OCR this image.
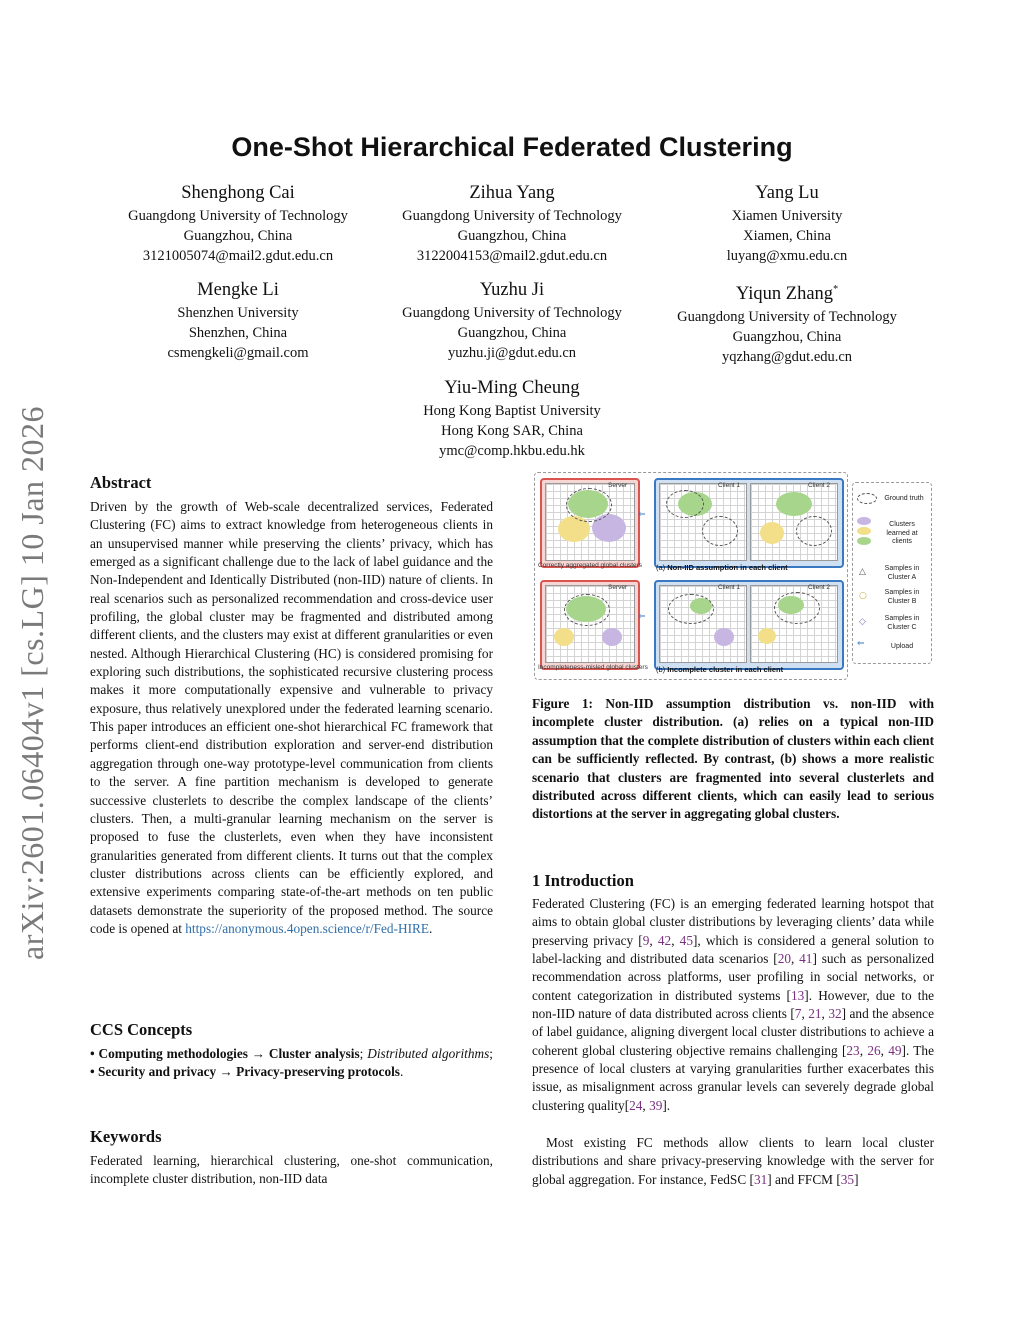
arXiv:2601.06404v1 [cs.LG] 10 Jan 2026
One-Shot Hierarchical Federated Clustering
Shenghong Cai
Guangdong University of Technology
Guangzhou, China
3121005074@mail2.gdut.edu.cn
Zihua Yang
Guangdong University of Technology
Guangzhou, China
3122004153@mail2.gdut.edu.cn
Yang Lu
Xiamen University
Xiamen, China
luyang@xmu.edu.cn
Mengke Li
Shenzhen University
Shenzhen, China
csmengkeli@gmail.com
Yuzhu Ji
Guangdong University of Technology
Guangzhou, China
yuzhu.ji@gdut.edu.cn
Yiqun Zhang*
Guangdong University of Technology
Guangzhou, China
yqzhang@gdut.edu.cn
Yiu-Ming Cheung
Hong Kong Baptist University
Hong Kong SAR, China
ymc@comp.hkbu.edu.hk
Abstract
Driven by the growth of Web-scale decentralized services, Federated Clustering (FC) aims to extract knowledge from heterogeneous clients in an unsupervised manner while preserving the clients’ privacy, which has emerged as a significant challenge due to the lack of label guidance and the Non-Independent and Identically Distributed (non-IID) nature of clients. In real scenarios such as personalized recommendation and cross-device user profiling, the global cluster may be fragmented and distributed among different clients, and the clusters may exist at different granularities or even nested. Although Hierarchical Clustering (HC) is considered promising for exploring such distributions, the sophisticated recursive clustering process makes it more computationally expensive and vulnerable to privacy exposure, thus relatively unexplored under the federated learning scenario. This paper introduces an efficient one-shot hierarchical FC framework that performs client-end distribution exploration and server-end distribution aggregation through one-way prototype-level communication from clients to the server. A fine partition mechanism is developed to generate successive clusterlets to describe the complex landscape of the clients’ clusters. Then, a multi-granular learning mechanism on the server is proposed to fuse the clusterlets, even when they have inconsistent granularities generated from different clients. It turns out that the complex cluster distributions across clients can be efficiently explored, and extensive experiments comparing state-of-the-art methods on ten public datasets demonstrate the superiority of the proposed method. The source code is opened at https://anonymous.4open.science/r/Fed-HIRE.
CCS Concepts
• Computing methodologies → Cluster analysis; Distributed algorithms; • Security and privacy → Privacy-preserving protocols.
Keywords
Federated learning, hierarchical clustering, one-shot communication, incomplete cluster distribution, non-IID data
Server
Correctly aggregated global clusters
⇐
Client 1	Client 2
(a) Non-IID assumption in each client
Server
Incompleteness-misled global clusters
⇐
Client 1	Client 2
(b) Incomplete cluster in each client
Ground truth
Clusters learned at clients
△	Samples in Cluster A
○	Samples in Cluster B
◇	Samples in Cluster C
⇐	Upload
Figure 1: Non-IID assumption distribution vs. non-IID with incomplete cluster distribution. (a) relies on a typical non-IID assumption that the complete distribution of clusters within each client can be sufficiently reflected. By contrast, (b) shows a more realistic scenario that clusters are fragmented into several clusterlets and distributed across different clients, which can easily lead to serious distortions at the server in aggregating global clusters.
1 Introduction
Federated Clustering (FC) is an emerging federated learning hotspot that aims to obtain global cluster distributions by leveraging clients’ data while preserving privacy [9, 42, 45], which is considered a general solution to label-lacking and distributed data scenarios [20, 41] such as personalized recommendation across platforms, user profiling in social networks, or content categorization in distributed systems [13]. However, due to the non-IID nature of data distributed across clients [7, 21, 32] and the absence of label guidance, aligning divergent local cluster distributions to achieve a coherent global clustering objective remains challenging [23, 26, 49]. The presence of local clusters at varying granularities further exacerbates this issue, as misalignment across granular levels can severely degrade global clustering quality[24, 39].
Most existing FC methods allow clients to learn local cluster distributions and share privacy-preserving knowledge with the server for global aggregation. For instance, FedSC [31] and FFCM [35]
